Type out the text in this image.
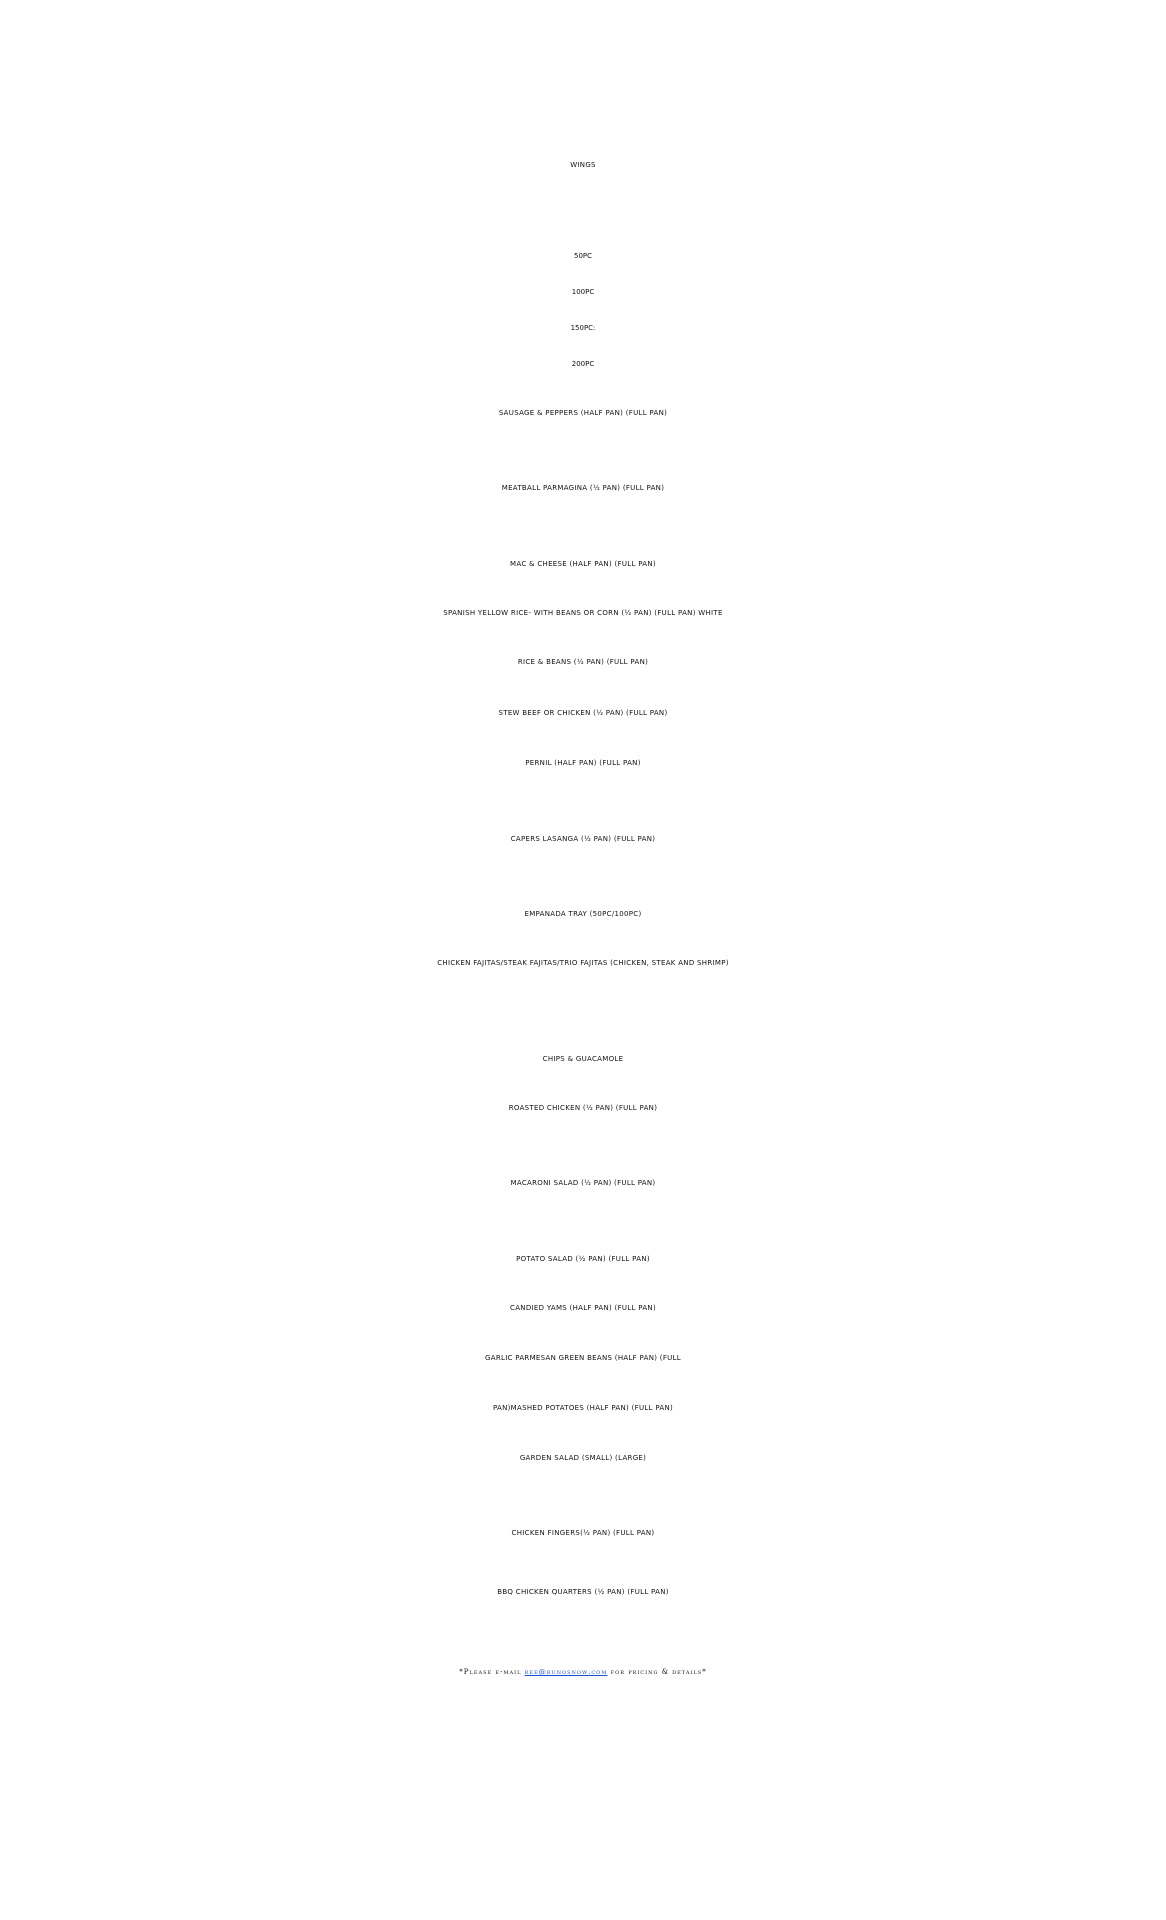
WINGS
50PC
100PC
150PC:
200PC
SAUSAGE & PEPPERS (HALF PAN) (FULL PAN)
MEATBALL PARMAGINA (½ PAN) (FULL PAN)
MAC & CHEESE (HALF PAN) (FULL PAN)
SPANISH YELLOW RICE- WITH BEANS OR CORN (½ PAN) (FULL PAN) WHITE
RICE & BEANS (½ PAN) (FULL PAN)
STEW BEEF OR CHICKEN (½ PAN) (FULL PAN)
PERNIL (HALF PAN) (FULL PAN)
CAPERS LASANGA (½ PAN) (FULL PAN)
EMPANADA TRAY (50PC/100PC)
CHICKEN FAJITAS/STEAK FAJITAS/TRIO FAJITAS (CHICKEN, STEAK AND SHRIMP)
CHIPS & GUACAMOLE
ROASTED CHICKEN (½ PAN) (FULL PAN)
MACARONI SALAD (½ PAN) (FULL PAN)
POTATO SALAD (½ PAN) (FULL PAN)
CANDIED YAMS (HALF PAN) (FULL PAN)
GARLIC PARMESAN GREEN BEANS (HALF PAN) (FULL
PAN)MASHED POTATOES (HALF PAN) (FULL PAN)
GARDEN SALAD (SMALL) (LARGE)
CHICKEN FINGERS(½ PAN) (FULL PAN)
BBQ CHICKEN QUARTERS (½ PAN) (FULL PAN)
*Please e-mail ree@bunosnow.com for pricing & details*
